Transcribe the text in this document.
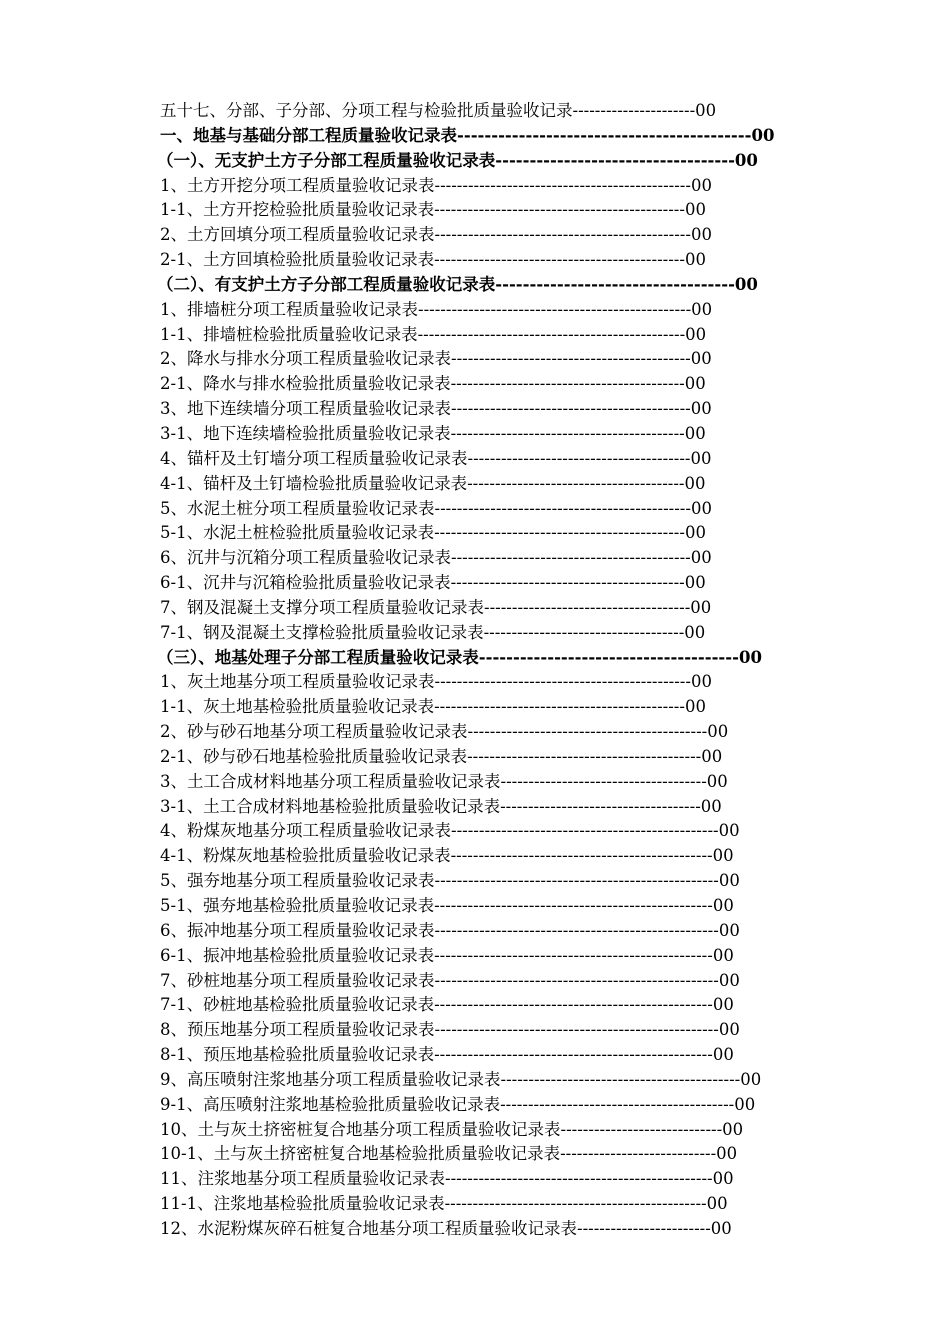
五十七、分部、子分部、分项工程与检验批质量验收记录----------------------00
一、地基与基础分部工程质量验收记录表-------------------------------------------00
（一）、无支护土方子分部工程质量验收记录表-----------------------------------00
1、土方开挖分项工程质量验收记录表----------------------------------------------00
1-1、土方开挖检验批质量验收记录表---------------------------------------------00
2、土方回填分项工程质量验收记录表----------------------------------------------00
2-1、土方回填检验批质量验收记录表---------------------------------------------00
（二）、有支护土方子分部工程质量验收记录表-----------------------------------00
1、排墙桩分项工程质量验收记录表-------------------------------------------------00
1-1、排墙桩检验批质量验收记录表------------------------------------------------00
2、降水与排水分项工程质量验收记录表-------------------------------------------00
2-1、降水与排水检验批质量验收记录表------------------------------------------00
3、地下连续墙分项工程质量验收记录表-------------------------------------------00
3-1、地下连续墙检验批质量验收记录表------------------------------------------00
4、锚杆及土钉墙分项工程质量验收记录表----------------------------------------00
4-1、锚杆及土钉墙检验批质量验收记录表---------------------------------------00
5、水泥土桩分项工程质量验收记录表----------------------------------------------00
5-1、水泥土桩检验批质量验收记录表---------------------------------------------00
6、沉井与沉箱分项工程质量验收记录表-------------------------------------------00
6-1、沉井与沉箱检验批质量验收记录表------------------------------------------00
7、钢及混凝土支撑分项工程质量验收记录表-------------------------------------00
7-1、钢及混凝土支撑检验批质量验收记录表------------------------------------00
（三）、地基处理子分部工程质量验收记录表--------------------------------------00
1、灰土地基分项工程质量验收记录表----------------------------------------------00
1-1、灰土地基检验批质量验收记录表---------------------------------------------00
2、砂与砂石地基分项工程质量验收记录表-------------------------------------------00
2-1、砂与砂石地基检验批质量验收记录表------------------------------------------00
3、土工合成材料地基分项工程质量验收记录表-------------------------------------00
3-1、土工合成材料地基检验批质量验收记录表------------------------------------00
4、粉煤灰地基分项工程质量验收记录表------------------------------------------------00
4-1、粉煤灰地基检验批质量验收记录表-----------------------------------------------00
5、强夯地基分项工程质量验收记录表---------------------------------------------------00
5-1、强夯地基检验批质量验收记录表--------------------------------------------------00
6、振冲地基分项工程质量验收记录表---------------------------------------------------00
6-1、振冲地基检验批质量验收记录表--------------------------------------------------00
7、砂桩地基分项工程质量验收记录表---------------------------------------------------00
7-1、砂桩地基检验批质量验收记录表--------------------------------------------------00
8、预压地基分项工程质量验收记录表---------------------------------------------------00
8-1、预压地基检验批质量验收记录表--------------------------------------------------00
9、高压喷射注浆地基分项工程质量验收记录表-------------------------------------------00
9-1、高压喷射注浆地基检验批质量验收记录表------------------------------------------00
10、土与灰土挤密桩复合地基分项工程质量验收记录表-----------------------------00
10-1、土与灰土挤密桩复合地基检验批质量验收记录表----------------------------00
11、注浆地基分项工程质量验收记录表------------------------------------------------00
11-1、注浆地基检验批质量验收记录表-----------------------------------------------00
12、水泥粉煤灰碎石桩复合地基分项工程质量验收记录表------------------------00
